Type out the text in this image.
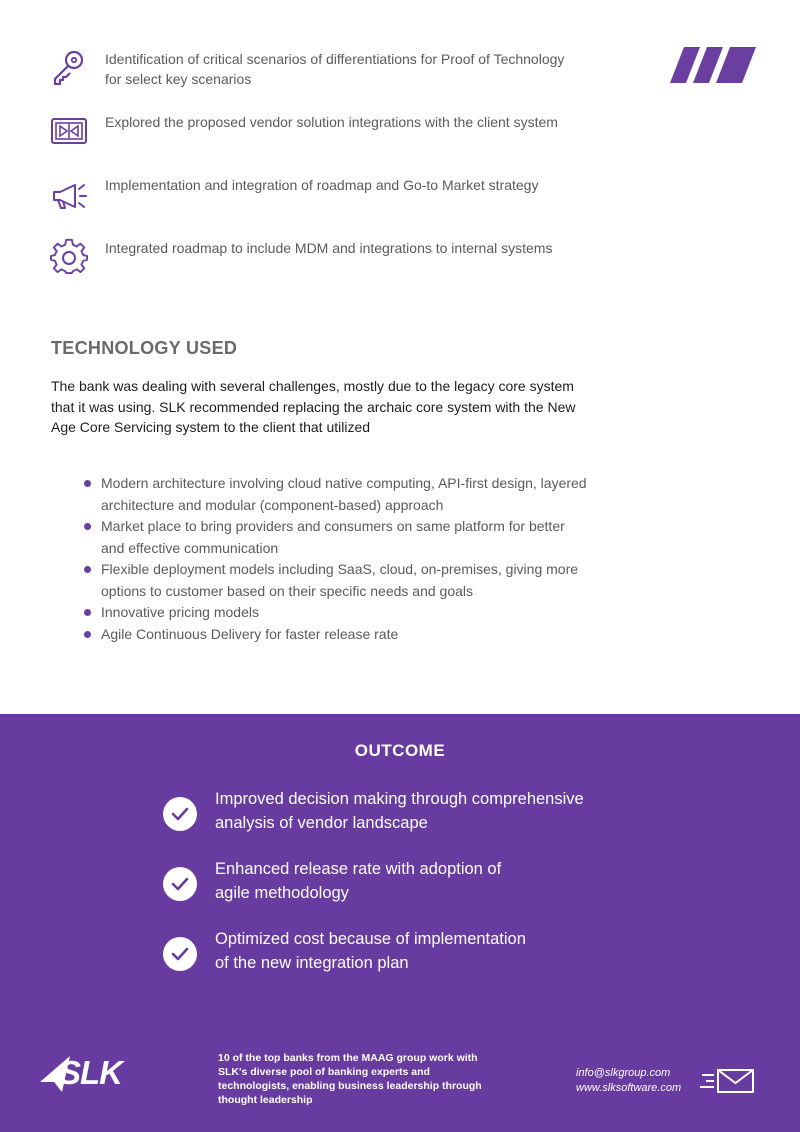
Identification of critical scenarios of differentiations for Proof of Technology for select key scenarios
Explored the proposed vendor solution integrations with the client system
Implementation and integration of roadmap and Go-to Market strategy
Integrated roadmap to include MDM and integrations to internal systems
TECHNOLOGY USED
The bank was dealing with several challenges, mostly due to the legacy core system that it was using. SLK recommended replacing the archaic core system with the New Age Core Servicing system to the client that utilized
Modern architecture involving cloud native computing, API-first design, layered architecture and modular (component-based) approach
Market place to bring providers and consumers on same platform for better and effective communication
Flexible deployment models including SaaS, cloud, on-premises, giving more options to customer based on their specific needs and goals
Innovative pricing models
Agile Continuous Delivery for faster release rate
OUTCOME
Improved decision making through comprehensive
analysis of vendor landscape
Enhanced release rate with adoption of
agile methodology
Optimized cost because of implementation
of the new integration plan
SLK	10 of the top banks from the MAAG group work with SLK's diverse pool of banking experts and technologists, enabling business leadership through thought leadership
info@slkgroup.com
www.slksoftware.com
